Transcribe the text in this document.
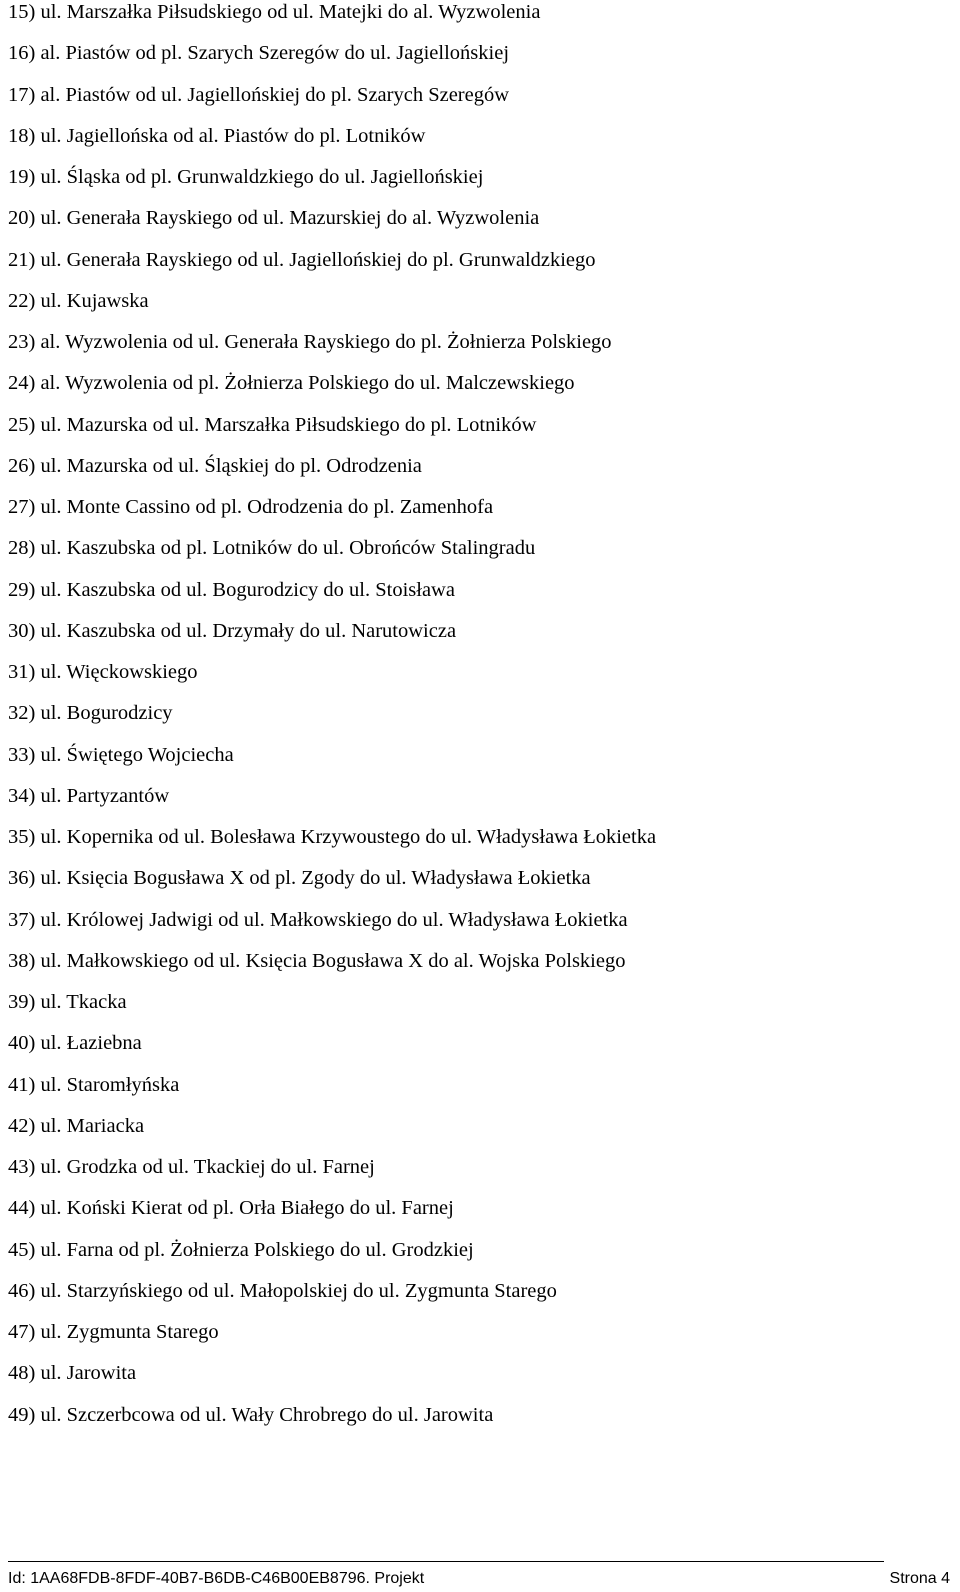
15) ul. Marszałka Piłsudskiego od ul. Matejki do al. Wyzwolenia
16) al. Piastów od pl. Szarych Szeregów do ul. Jagiellońskiej
17) al. Piastów od ul. Jagiellońskiej do pl. Szarych Szeregów
18) ul. Jagiellońska od al. Piastów do pl. Lotników
19) ul. Śląska od pl. Grunwaldzkiego do ul. Jagiellońskiej
20) ul. Generała Rayskiego od ul. Mazurskiej do al. Wyzwolenia
21) ul. Generała Rayskiego od ul. Jagiellońskiej do pl. Grunwaldzkiego
22) ul. Kujawska
23) al. Wyzwolenia od ul. Generała Rayskiego do pl. Żołnierza Polskiego
24) al. Wyzwolenia od pl. Żołnierza Polskiego do ul. Malczewskiego
25) ul. Mazurska od ul. Marszałka Piłsudskiego do pl. Lotników
26) ul. Mazurska od ul. Śląskiej do pl. Odrodzenia
27) ul. Monte Cassino od pl. Odrodzenia do pl. Zamenhofa
28) ul. Kaszubska od pl. Lotników do ul. Obrońców Stalingradu
29) ul. Kaszubska od ul. Bogurodzicy do ul. Stoisława
30) ul. Kaszubska od ul. Drzymały do ul. Narutowicza
31) ul. Więckowskiego
32) ul. Bogurodzicy
33) ul. Świętego Wojciecha
34) ul. Partyzantów
35) ul. Kopernika od ul. Bolesława Krzywoustego do ul. Władysława Łokietka
36) ul. Księcia Bogusława X od pl. Zgody do ul. Władysława Łokietka
37) ul. Królowej Jadwigi od ul. Małkowskiego do ul. Władysława Łokietka
38) ul. Małkowskiego od ul. Księcia Bogusława X do al. Wojska Polskiego
39) ul. Tkacka
40) ul. Łaziebna
41) ul. Staromłyńska
42) ul. Mariacka
43) ul. Grodzka od ul. Tkackiej do ul. Farnej
44) ul. Koński Kierat od pl. Orła Białego do ul. Farnej
45) ul. Farna od pl. Żołnierza Polskiego do ul. Grodzkiej
46) ul. Starzyńskiego od ul. Małopolskiej do ul. Zygmunta Starego
47) ul. Zygmunta Starego
48) ul. Jarowita
49) ul. Szczerbcowa od ul. Wały Chrobrego do ul. Jarowita
Id: 1AA68FDB-8FDF-40B7-B6DB-C46B00EB8796. Projekt	Strona 4
